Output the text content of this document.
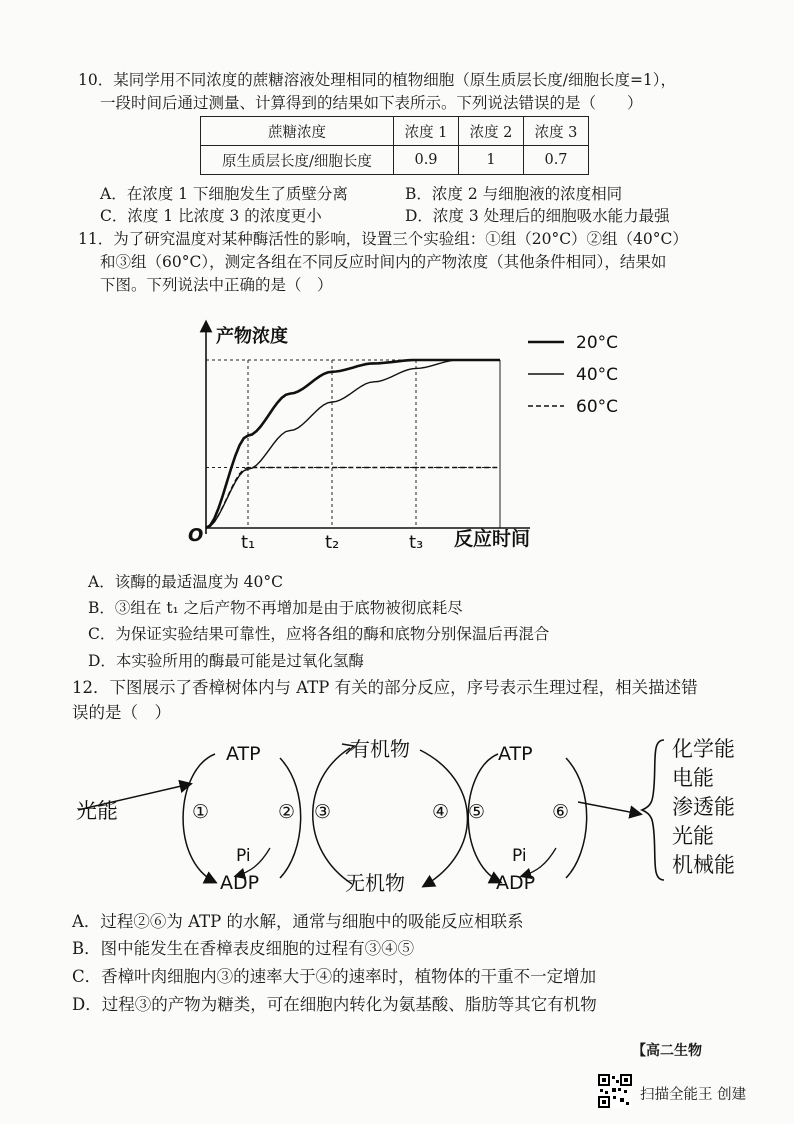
10．某同学用不同浓度的蔗糖溶液处理相同的植物细胞（原生质层长度/细胞长度=1），
一段时间后通过测量、计算得到的结果如下表所示。下列说法错误的是（　　）
蔗糖浓度	浓度 1	浓度 2	浓度 3
原生质层长度/细胞长度	0.9	1	0.7
A．在浓度 1 下细胞发生了质壁分离	B．浓度 2 与细胞液的浓度相同
C．浓度 1 比浓度 3 的浓度更小	D．浓度 3 处理后的细胞吸水能力最强
11．为了研究温度对某种酶活性的影响，设置三个实验组：①组（20°C）②组（40°C）
和③组（60°C），测定各组在不同反应时间内的产物浓度（其他条件相同），结果如
下图。下列说法中正确的是（　）
t₁	t₂	t₃
产物浓度
O	反应时间
20°C
40°C
60°C
A．该酶的最适温度为 40°C
B．③组在 t₁ 之后产物不再增加是由于底物被彻底耗尽
C．为保证实验结果可靠性，应将各组的酶和底物分别保温后再混合
D．本实验所用的酶最可能是过氧化氢酶
12．下图展示了香樟树体内与 ATP 有关的部分反应，序号表示生理过程，相关描述错
误的是（　）
ATP
ADP
Pi
光能	①	②
有机物
无机物
③	④
ATP
ADP
Pi
⑤	⑥
化学能
电能
渗透能
光能
机械能
A．过程②⑥为 ATP 的水解，通常与细胞中的吸能反应相联系
B．图中能发生在香樟表皮细胞的过程有③④⑤
C．香樟叶肉细胞内③的速率大于④的速率时，植物体的干重不一定增加
D．过程③的产物为糖类，可在细胞内转化为氨基酸、脂肪等其它有机物
【高二生物
扫描全能王 创建
